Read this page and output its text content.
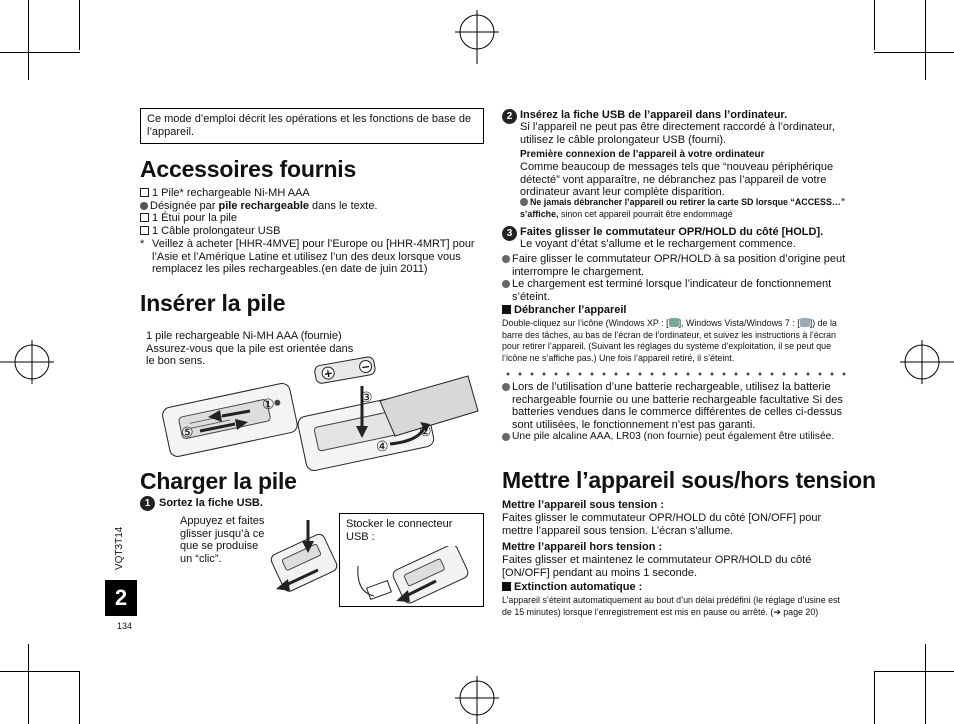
Ce mode d’emploi décrit les opérations et les fonctions de base de l’appareil.
Accessoires fournis
1 Pile* rechargeable Ni-MH AAA
Désignée par pile rechargeable dans le texte.
1 Étui pour la pile
1 Câble prolongateur USB
* Veillez à acheter [HHR-4MVE] pour l’Europe ou [HHR-4MRT] pour l’Asie et l’Amérique Latine et utilisez l’un des deux lorsque vous remplacez les piles rechargeables.(en date de juin 2011)
Insérer la pile
1 pile rechargeable Ni-MH AAA (fournie) Assurez-vous que la pile est orientée dans le bon sens.
+ −
①
⑤
③
②
④
Charger la pile
1 Sortez la fiche USB.
Appuyez et faites glisser jusqu’à ce que se produise un “clic”.
Stocker le connecteur USB :
VQT3T14
2
134
2 Insérez la fiche USB de l’appareil dans l’ordinateur.
Si l’appareil ne peut pas être directement raccordé à l’ordinateur, utilisez le câble prolongateur USB (fourni).
Première connexion de l’appareil à votre ordinateur
Comme beaucoup de messages tels que “nouveau périphérique détecté” vont apparaître, ne débranchez pas l’appareil de votre ordinateur avant leur complète disparition.
Ne jamais débrancher l’appareil ou retirer la carte SD lorsque “ACCESS…” s’affiche, sinon cet appareil pourrait être endommagé
3 Faites glisser le commutateur OPR/HOLD du côté [HOLD].
Le voyant d’état s’allume et le rechargement commence.
Faire glisser le commutateur OPR/HOLD à sa position d’origine peut interrompre le chargement.
Le chargement est terminé lorsque l’indicateur de fonctionnement s’éteint.
Débrancher l’appareil
Double-cliquez sur l’icône (Windows XP : [ ], Windows Vista/Windows 7 : [ ]) de la barre des tâches, au bas de l’écran de l’ordinateur, et suivez les instructions à l’écran pour retirer l’appareil. (Suivant les réglages du système d’exploitation, il se peut que l’icône ne s’affiche pas.) Une fois l’appareil retiré, il s’éteint.
Lors de l’utilisation d’une batterie rechargeable, utilisez la batterie rechargeable fournie ou une batterie rechargeable facultative Si des batteries vendues dans le commerce différentes de celles ci-dessus sont utilisées, le fonctionnement n’est pas garanti.
Une pile alcaline AAA, LR03 (non fournie) peut également être utilisée.
Mettre l’appareil sous/hors tension
Mettre l’appareil sous tension :
Faites glisser le commutateur OPR/HOLD du côté [ON/OFF] pour mettre l’appareil sous tension. L’écran s’allume.
Mettre l’appareil hors tension :
Faites glisser et maintenez le commutateur OPR/HOLD du côté [ON/OFF] pendant au moins 1 seconde.
Extinction automatique :
L’appareil s’éteint automatiquement au bout d’un délai prédéfini (le réglage d’usine est de 15 minutes) lorsque l’enregistrement est mis en pause ou arrêté. (➔ page 20)
